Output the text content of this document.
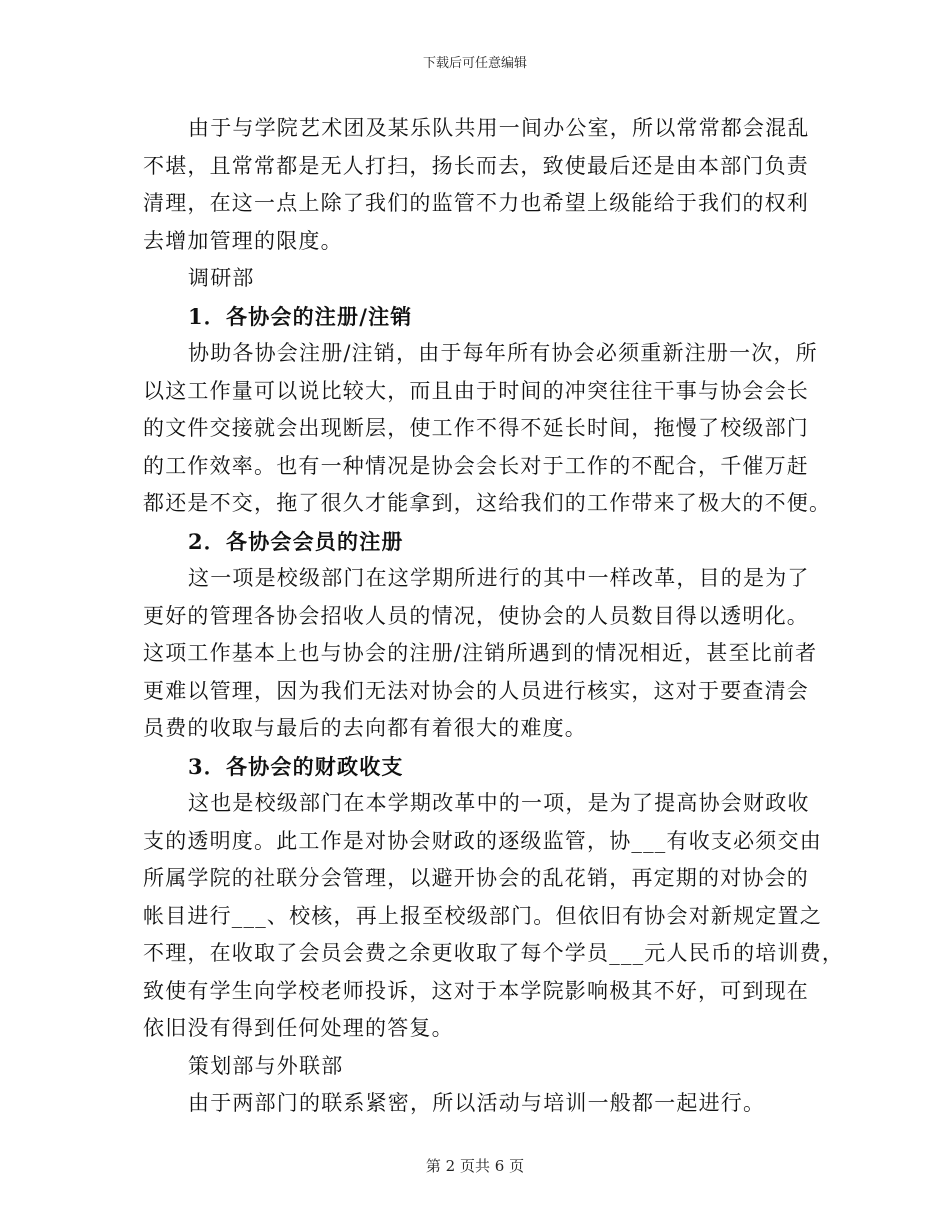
下载后可任意编辑
由于与学院艺术团及某乐队共用一间办公室，所以常常都会混乱
不堪，且常常都是无人打扫，扬长而去，致使最后还是由本部门负责
清理，在这一点上除了我们的监管不力也希望上级能给于我们的权利
去增加管理的限度。
调研部
1．各协会的注册/注销
协助各协会注册/注销，由于每年所有协会必须重新注册一次，所
以这工作量可以说比较大，而且由于时间的冲突往往干事与协会会长
的文件交接就会出现断层，使工作不得不延长时间，拖慢了校级部门
的工作效率。也有一种情况是协会会长对于工作的不配合，千催万赶
都还是不交，拖了很久才能拿到，这给我们的工作带来了极大的不便。
2．各协会会员的注册
这一项是校级部门在这学期所进行的其中一样改革，目的是为了
更好的管理各协会招收人员的情况，使协会的人员数目得以透明化。
这项工作基本上也与协会的注册/注销所遇到的情况相近，甚至比前者
更难以管理，因为我们无法对协会的人员进行核实，这对于要查清会
员费的收取与最后的去向都有着很大的难度。
3．各协会的财政收支
这也是校级部门在本学期改革中的一项，是为了提高协会财政收
支的透明度。此工作是对协会财政的逐级监管，协___有收支必须交由
所属学院的社联分会管理，以避开协会的乱花销，再定期的对协会的
帐目进行___、校核，再上报至校级部门。但依旧有协会对新规定置之
不理，在收取了会员会费之余更收取了每个学员___元人民币的培训费，
致使有学生向学校老师投诉，这对于本学院影响极其不好，可到现在
依旧没有得到任何处理的答复。
策划部与外联部
由于两部门的联系紧密，所以活动与培训一般都一起进行。
第 2 页共 6 页
